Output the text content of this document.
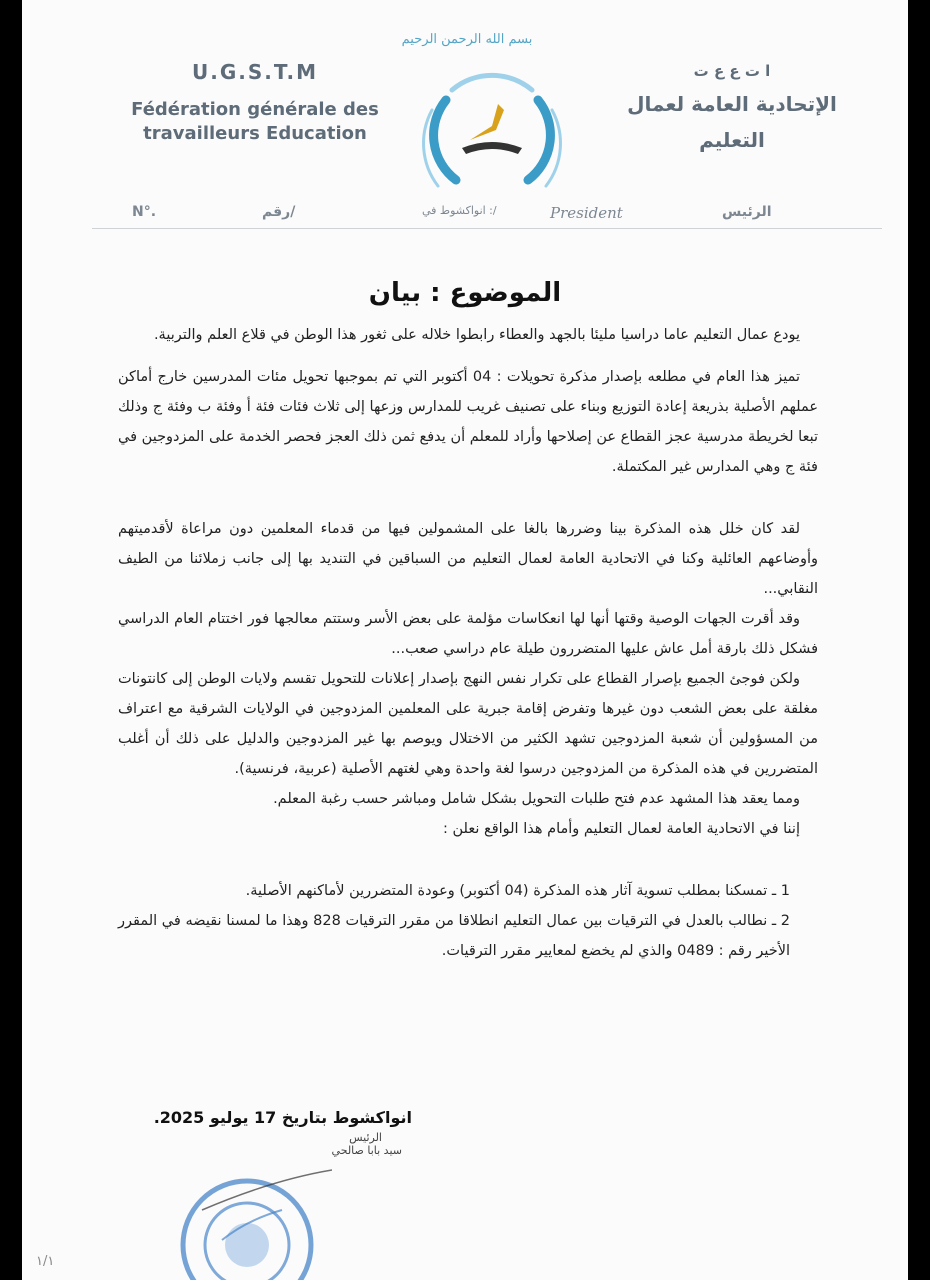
بسم الله الرحمن الرحيم
U.G.S.T.M
Fédération générale des
travailleurs Education
ا ت ع ع ت
الإتحادية العامة لعمال
التعليم
N°.	رقم/	انواكشوط في :/	President	الرئيس
الموضوع : بيان

يودع عمال التعليم عاما دراسيا مليئا بالجهد والعطاء رابطوا خلاله على ثغور هذا الوطن في قلاع العلم والتربية.

تميز هذا العام في مطلعه بإصدار مذكرة تحويلات : 04 أكتوبر التي تم بموجبها تحويل مئات المدرسين خارج أماكن عملهم الأصلية بذريعة إعادة التوزيع وبناء على تصنيف غريب للمدارس وزعها إلى ثلاث فئات فئة أ وفئة ب وفئة ج وذلك تبعا لخريطة مدرسية عجز القطاع عن إصلاحها وأراد للمعلم أن يدفع ثمن ذلك العجز فحصر الخدمة على المزدوجين في فئة ج وهي المدارس غير المكتملة.

لقد كان خلل هذه المذكرة بينا وضررها بالغا على المشمولين فيها من قدماء المعلمين دون مراعاة لأقدميتهم وأوضاعهم العائلية وكنا في الاتحادية العامة لعمال التعليم من السباقين في التنديد بها إلى جانب زملائنا من الطيف النقابي...

وقد أقرت الجهات الوصية وقتها أنها لها انعكاسات مؤلمة على بعض الأسر وستتم معالجها فور اختتام العام الدراسي فشكل ذلك بارقة أمل عاش عليها المتضررون طيلة عام دراسي صعب...

ولكن فوجئ الجميع بإصرار القطاع على تكرار نفس النهج بإصدار إعلانات للتحويل تقسم ولايات الوطن إلى كانتونات مغلقة على بعض الشعب دون غيرها وتفرض إقامة جبرية على المعلمين المزدوجين في الولايات الشرقية مع اعتراف من المسؤولين أن شعبة المزدوجين تشهد الكثير من الاختلال ويوصم بها غير المزدوجين والدليل على ذلك أن أغلب المتضررين في هذه المذكرة من المزدوجين درسوا لغة واحدة وهي لغتهم الأصلية (عربية، فرنسية).

ومما يعقد هذا المشهد عدم فتح طلبات التحويل بشكل شامل ومباشر حسب رغبة المعلم.

إننا في الاتحادية العامة لعمال التعليم وأمام هذا الواقع نعلن :

1 ـ تمسكنا بمطلب تسوية آثار هذه المذكرة (04 أكتوبر) وعودة المتضررين لأماكنهم الأصلية.

2 ـ نطالب بالعدل في الترقيات بين عمال التعليم انطلاقا من مقرر الترقيات 828 وهذا ما لمسنا نقيضه في المقرر الأخير رقم : 0489 والذي لم يخضع لمعايير مقرر الترقيات.

انواكشوط بتاريخ 17 يوليو 2025.
الرئيس
سيد بابا صالحي
١/١
